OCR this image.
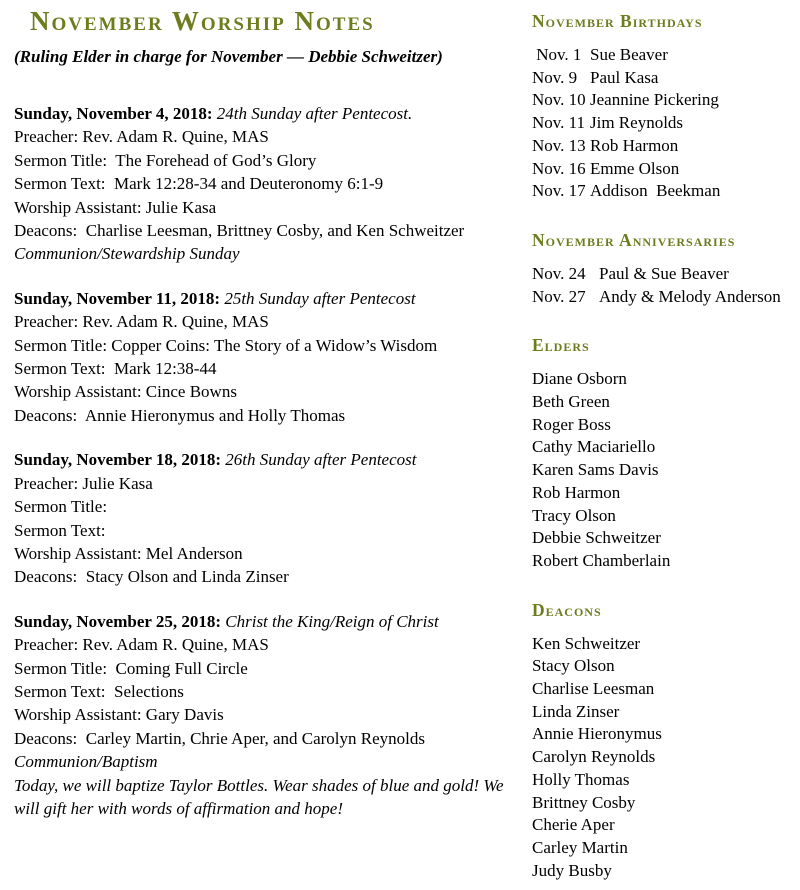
November Worship Notes

(Ruling Elder in charge for November — Debbie Schweitzer)

Sunday, November 4, 2018: 24th Sunday after Pentecost.

Preacher: Rev. Adam R. Quine, MAS

Sermon Title:  The Forehead of God’s Glory

Sermon Text:  Mark 12:28-34 and Deuteronomy 6:1-9

Worship Assistant: Julie Kasa

Deacons:  Charlise Leesman, Brittney Cosby, and Ken Schweitzer

Communion/Stewardship Sunday

Sunday, November 11, 2018: 25th Sunday after Pentecost

Preacher: Rev. Adam R. Quine, MAS

Sermon Title: Copper Coins: The Story of a Widow’s Wisdom

Sermon Text:  Mark 12:38-44

Worship Assistant: Cince Bowns

Deacons:  Annie Hieronymus and Holly Thomas

Sunday, November 18, 2018: 26th Sunday after Pentecost

Preacher: Julie Kasa

Sermon Title:

Sermon Text:

Worship Assistant: Mel Anderson

Deacons:  Stacy Olson and Linda Zinser

Sunday, November 25, 2018: Christ the King/Reign of Christ

Preacher: Rev. Adam R. Quine, MAS

Sermon Title:  Coming Full Circle

Sermon Text:  Selections

Worship Assistant: Gary Davis

Deacons:  Carley Martin, Chrie Aper, and Carolyn Reynolds

Communion/Baptism

Today, we will baptize Taylor Bottles. Wear shades of blue and gold! We will gift her with words of affirmation and hope!

November Birthdays
Nov. 1 Sue Beaver
Nov. 9 Paul Kasa
Nov. 10 Jeannine Pickering
Nov. 11 Jim Reynolds
Nov. 13 Rob Harmon
Nov. 16 Emme Olson
Nov. 17 Addison  Beekman
November Anniversaries
Nov. 24 Paul & Sue Beaver
Nov. 27 Andy & Melody Anderson
Elders

Diane Osborn

Beth Green

Roger Boss

Cathy Maciariello

Karen Sams Davis

Rob Harmon

Tracy Olson

Debbie Schweitzer

Robert Chamberlain

Deacons

Ken Schweitzer

Stacy Olson

Charlise Leesman

Linda Zinser

Annie Hieronymus

Carolyn Reynolds

Holly Thomas

Brittney Cosby

Cherie Aper

Carley Martin

Judy Busby
